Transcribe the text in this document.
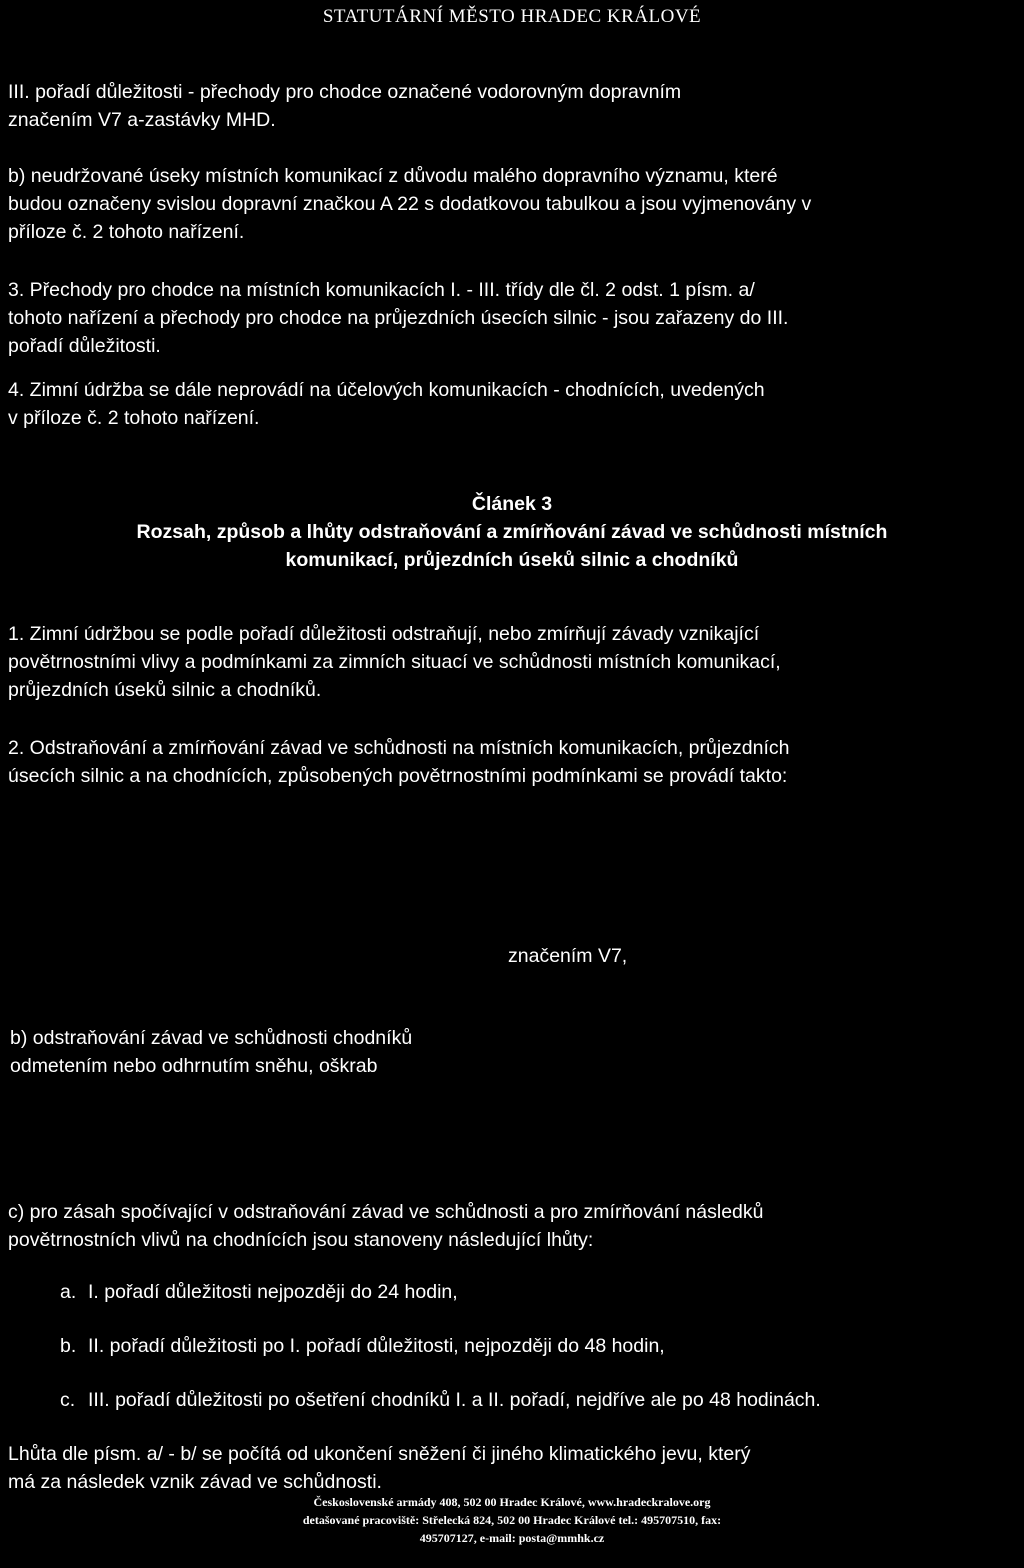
STATUTÁRNÍ MĚSTO HRADEC KRÁLOVÉ
III. pořadí důležitosti - přechody pro chodce označené vodorovným dopravním
značením V7 a-zastávky MHD.
b) neudržované úseky místních komunikací z důvodu malého dopravního významu, které
budou označeny svislou dopravní značkou A 22 s dodatkovou tabulkou a jsou vyjmenovány v
příloze č. 2 tohoto nařízení.
3. Přechody pro chodce na místních komunikacích I. - III. třídy dle čl. 2 odst. 1 písm. a/
tohoto nařízení a přechody pro chodce na průjezdních úsecích silnic - jsou zařazeny do III.
pořadí důležitosti.
4. Zimní údržba se dále neprovádí na účelových komunikacích - chodnících, uvedených
v příloze č. 2 tohoto nařízení.
Článek 3
Rozsah, způsob a lhůty odstraňování a zmírňování závad ve schůdnosti místních
komunikací, průjezdních úseků silnic a chodníků
1. Zimní údržbou se podle pořadí důležitosti odstraňují, nebo zmírňují závady vznikající
povětrnostními vlivy a podmínkami za zimních situací ve schůdnosti místních komunikací,
průjezdních úseků silnic a chodníků.
2. Odstraňování a zmírňování závad ve schůdnosti na místních komunikacích, průjezdních
úsecích silnic a na chodnících, způsobených povětrnostními podmínkami se provádí takto:
značením V7,
b) odstraňování závad ve schůdnosti chodníků
odmetením nebo odhrnutím sněhu, oškrab
c) pro zásah spočívající v odstraňování závad ve schůdnosti a pro zmírňování následků
povětrnostních vlivů na chodnících jsou stanoveny následující lhůty:
a. I. pořadí důležitosti nejpozději do 24 hodin,
b. II. pořadí důležitosti po I. pořadí důležitosti, nejpozději do 48 hodin,
c. III. pořadí důležitosti po ošetření chodníků I. a II. pořadí, nejdříve ale po 48 hodinách.
Lhůta dle písm. a/ - b/ se počítá od ukončení sněžení či jiného klimatického jevu, který
má za následek vznik závad ve schůdnosti.
Československé armády 408, 502 00 Hradec Králové, www.hradeckralove.org
detašované pracoviště: Střelecká 824, 502 00 Hradec Králové tel.: 495707510, fax:
495707127, e-mail: posta@mmhk.cz
